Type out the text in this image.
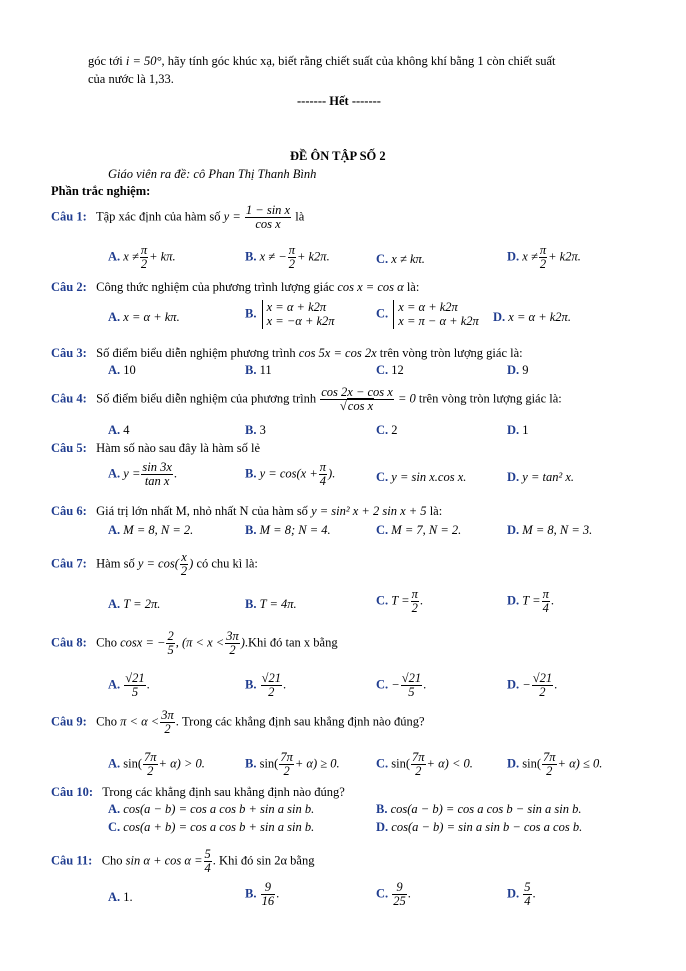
góc tới i = 50°, hãy tính góc khúc xạ, biết rằng chiết suất của không khí bằng 1 còn chiết suất
của nước là 1,33.
------- Hết -------
ĐỀ ÔN TẬP SỐ 2
Giáo viên ra đề: cô Phan Thị Thanh Bình
Phần trắc nghiệm:
Câu 1: Tập xác định của hàm số $y = \frac{\text{1 − sin x}}{\text{cos x}}$ là
A. $x \ne \frac{\pi}{2} + k\pi$.	B. x ≠ − $\frac{\pi}{2} + k2\pi$.	C. x ≠ kπ.	D. $x \ne \frac{\pi}{2} + k2\pi$.
Câu 2: Công thức nghiệm của phương trình lượng giác cos x = cos α là:
A. x = α + kπ.	B. x = α + k2π
x = −α + k2π
C. x = α + k2π
x = π − α + k2π D. x = α + k2π.
Câu 3: Số điểm biểu diễn nghiệm phương trình cos 5x = cos 2x trên vòng tròn lượng giác là:
A. 10	B. 11	C. 12	D. 9
Câu 4: Số điểm biểu diễn nghiệm của phương trình $\frac{\text{cos 2x − cos x}}{\text{√cos x}} = 0$ trên vòng tròn lượng giác là:
A. 4	B. 3	C. 2	D. 1
Câu 5: Hàm số nào sau đây là hàm số lẻ
A. $y = \frac{\sin 3x}{\text{tan x}}$ .	B. $y = \cos(x + \frac{\pi}{4}$ ).	C. y = sin x.cos x.	D. y = tan² x.
Câu 6: Giá trị lớn nhất M, nhỏ nhất N của hàm số y = sin² x + 2 sin x + 5 là:
A. M = 8, N = 2.	B. M = 8; N = 4.	C. M = 7, N = 2.	D. M = 8, N = 3.
Câu 7: Hàm số $y = \cos( \frac{x}{2}$ ) có chu kì là:
A. T = 2π.	B. T = 4π.	C. $T = \frac{\pi}{2}$ .	D. $T = \frac{\pi}{4}$ .
Câu 8: Cho cosx = − $\frac{2}{5}$ , $(\pi < x < \frac{3\pi}{2} ).Khi$ đó tan x bằng
A. $\frac{√21}{5}$ .	B. $\frac{√21}{2}$ .	C. − $\frac{√21}{5}$ .	D. − $\frac{√21}{2}$ .
Câu 9: Cho $\pi < \alpha < \frac{3\pi}{2}$ . Trong các khẳng định sau khẳng định nào đúng?
A. $\sin( \frac{7\pi}{2} + \alpha) > 0$.	B. $\sin( \frac{7\pi}{2} + \alpha) \ge 0$.	C. $\sin( \frac{7\pi}{2} + \alpha) < 0$.	D. $\sin( \frac{7\pi}{2} + \alpha) \le 0$.
Câu 10: Trong các khẳng định sau khẳng định nào đúng?
A. cos(a − b) = cos a cos b + sin a sin b.	B. cos(a − b) = cos a cos b − sin a sin b.
C. cos(a + b) = cos a cos b + sin a sin b.	D. cos(a − b) = sin a sin b − cos a cos b.
Câu 11: Cho $\sin \alpha + \cos \alpha = \frac{5}{4}$ . Khi đó sin 2α bằng
A. 1.	B. $\frac{9}{16}$ .	C. $\frac{9}{25}$ .	D. $\frac{5}{4}$ .
